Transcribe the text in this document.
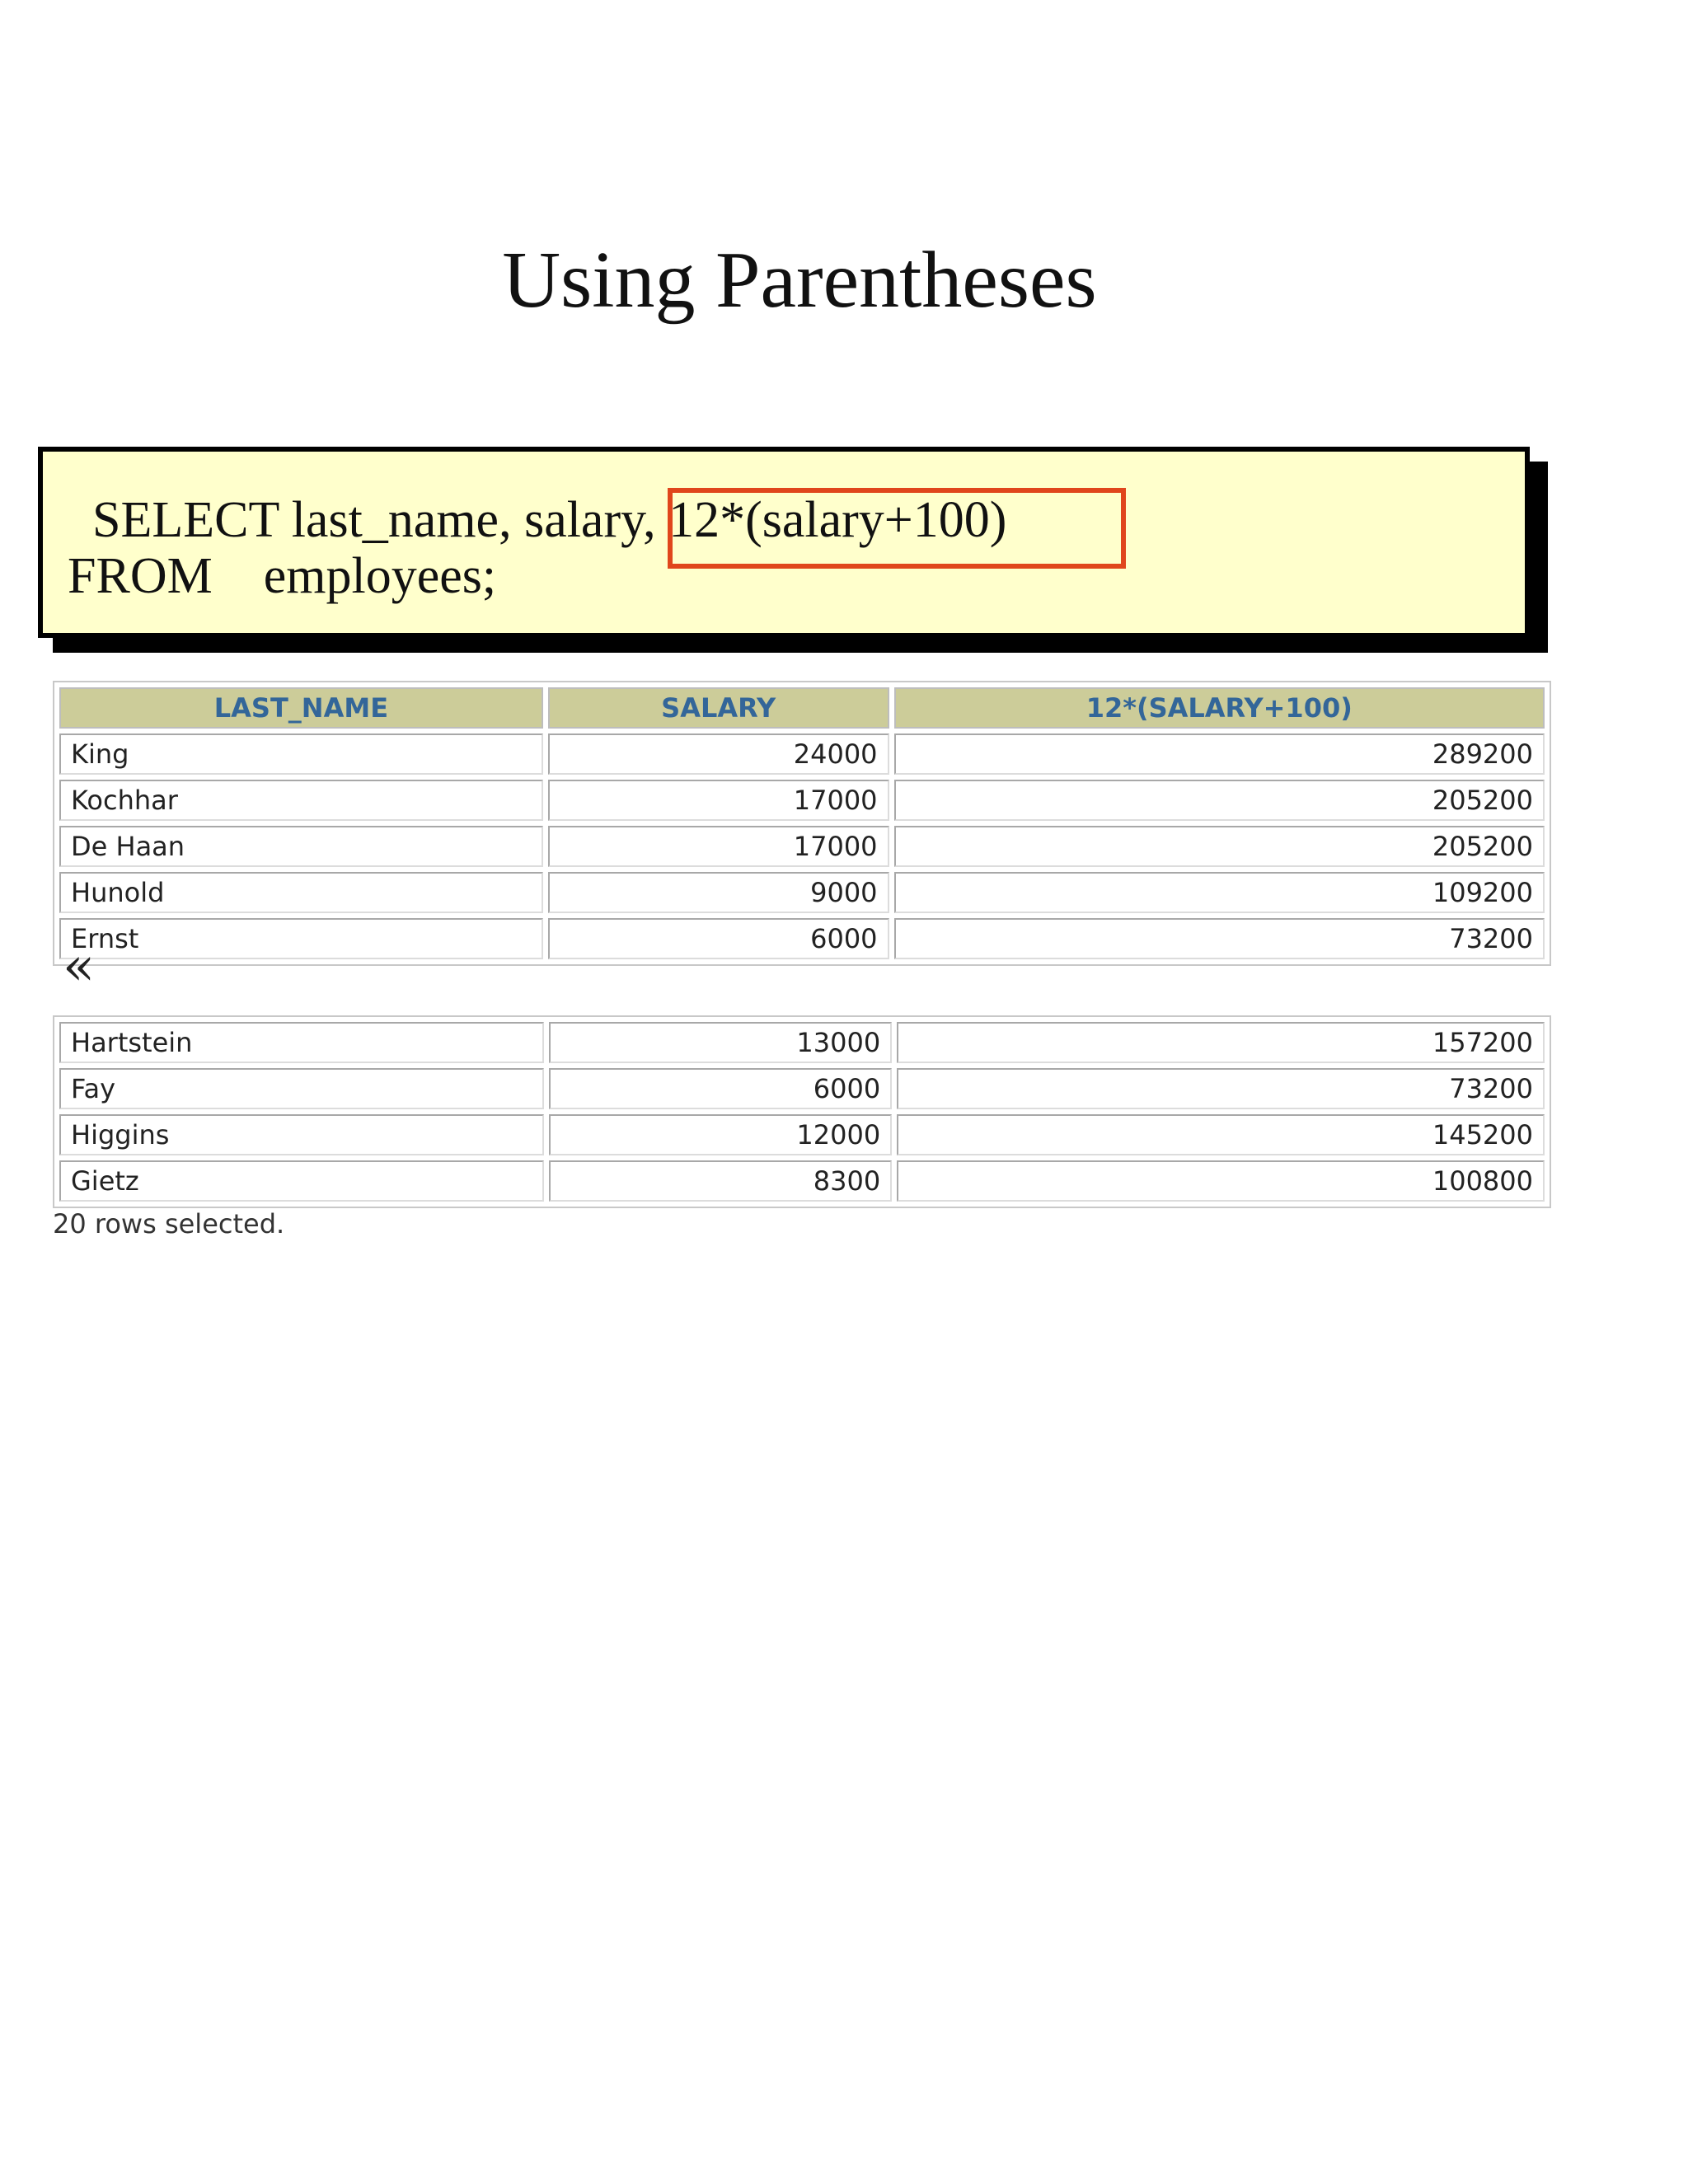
Using Parentheses
SELECT last_name, salary, 12*(salary+100)
FROM    employees;
LAST_NAME	SALARY	12*(SALARY+100)
King	24000	289200
Kochhar	17000	205200
De Haan	17000	205200
Hunold	9000	109200
Ernst	6000	73200
«
Hartstein	13000	157200
Fay	6000	73200
Higgins	12000	145200
Gietz	8300	100800
20 rows selected.
